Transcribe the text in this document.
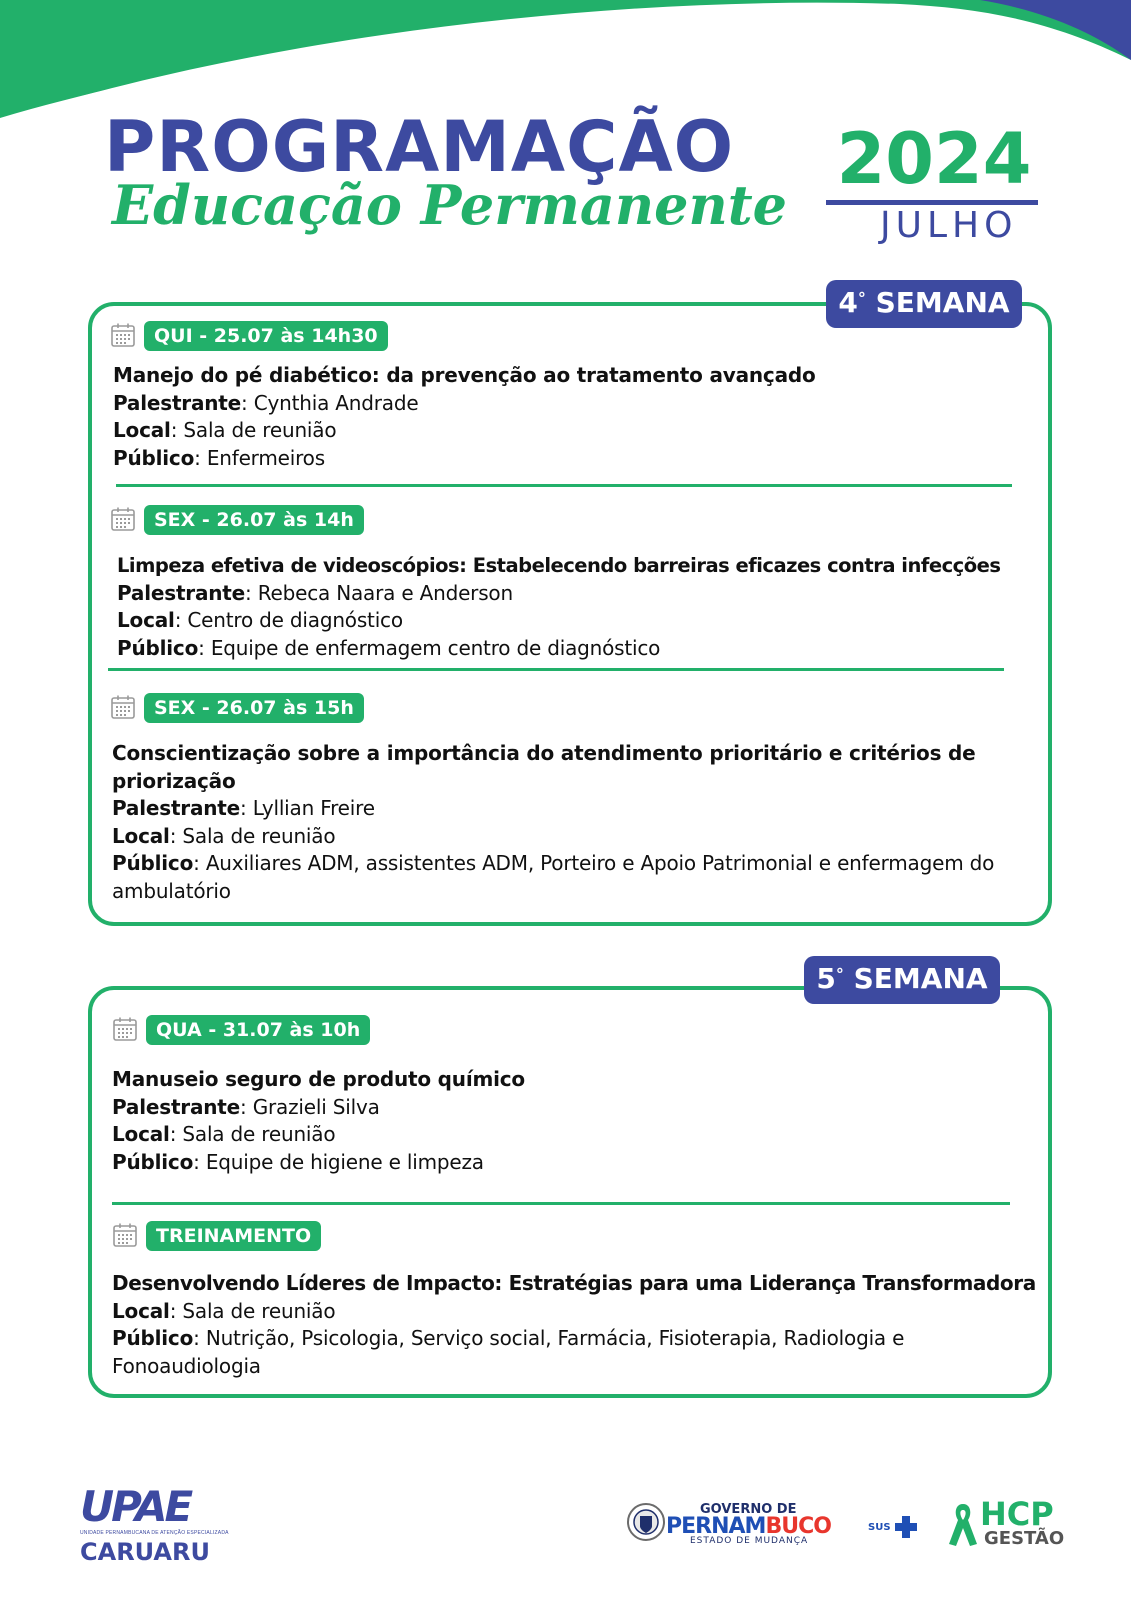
PROGRAMAÇÃO
Educação Permanente
2024
JULHO
4° SEMANA
QUI - 25.07 às 14h30
Manejo do pé diabético: da prevenção ao tratamento avançado
Palestrante: Cynthia Andrade
Local: Sala de reunião
Público: Enfermeiros
SEX - 26.07 às 14h
Limpeza efetiva de videoscópios: Estabelecendo barreiras eficazes contra infecções
Palestrante: Rebeca Naara e Anderson
Local: Centro de diagnóstico
Público: Equipe de enfermagem centro de diagnóstico
SEX - 26.07 às 15h
Conscientização sobre a importância do atendimento prioritário e critérios de priorização
Palestrante: Lyllian Freire
Local: Sala de reunião
Público: Auxiliares ADM, assistentes ADM, Porteiro e Apoio Patrimonial e enfermagem do ambulatório
5° SEMANA
QUA - 31.07 às 10h
Manuseio seguro de produto químico
Palestrante: Grazieli Silva
Local: Sala de reunião
Público: Equipe de higiene e limpeza
TREINAMENTO
Desenvolvendo Líderes de Impacto: Estratégias para uma Liderança Transformadora
Local: Sala de reunião
Público: Nutrição, Psicologia, Serviço social, Farmácia, Fisioterapia, Radiologia e Fonoaudiologia
UPAE
UNIDADE PERNAMBUCANA DE ATENÇÃO ESPECIALIZADA
CARUARU
GOVERNO DE
PERNAMBUCO
ESTADO DE MUDANÇA
SUS	HCP
GESTÃO
